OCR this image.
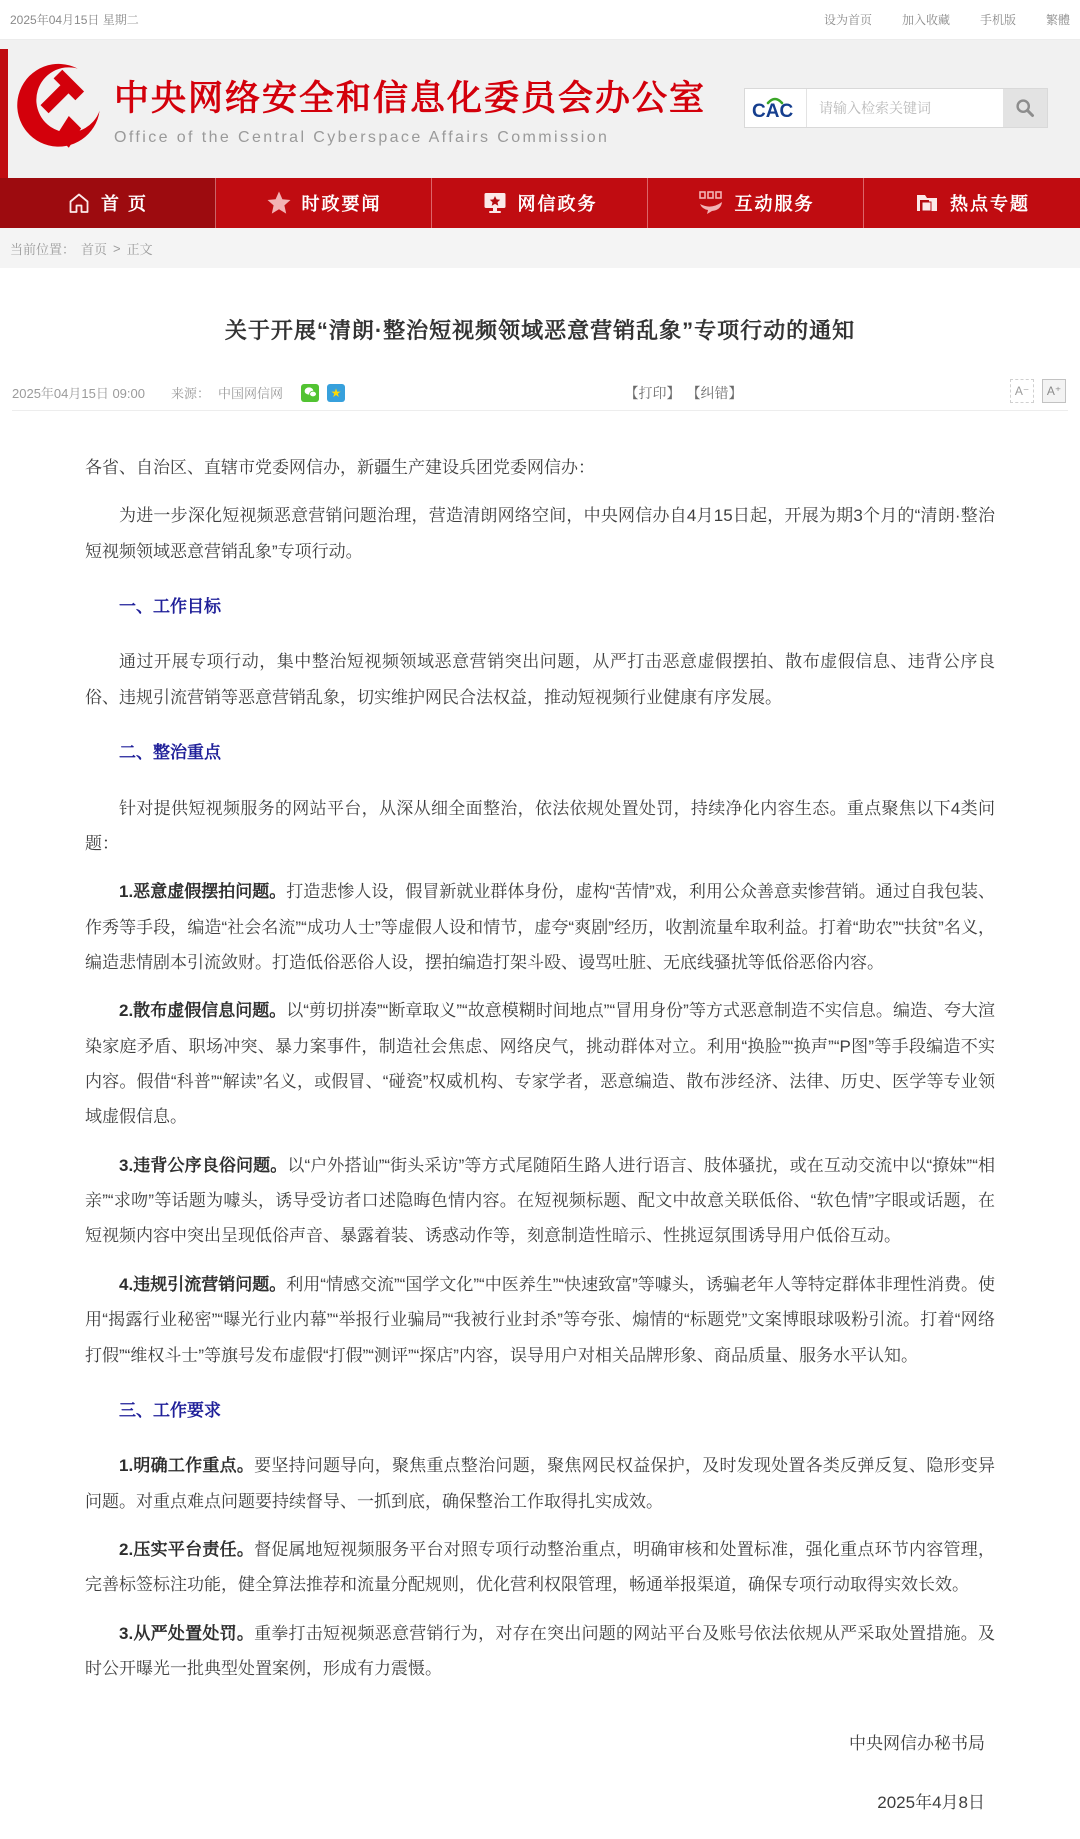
2025年04月15日 星期二	设为首页	加入收藏	手机版	繁體
中央网络安全和信息化委员会办公室
Office of the Central Cyberspace Affairs Commission
CAC
请输入检索关键词
首 页	时政要闻	网信政务	互动服务	热点专题
当前位置： 首页 > 正文
关于开展“清朗·整治短视频领域恶意营销乱象”专项行动的通知
2025年04月15日 09:00 来源： 中国网信网	★	【打印】 【纠错】	A⁻	A⁺

各省、自治区、直辖市党委网信办，新疆生产建设兵团党委网信办：

为进一步深化短视频恶意营销问题治理，营造清朗网络空间，中央网信办自4月15日起，开展为期3个月的“清朗·整治短视频领域恶意营销乱象”专项行动。

一、工作目标

通过开展专项行动，集中整治短视频领域恶意营销突出问题，从严打击恶意虚假摆拍、散布虚假信息、违背公序良俗、违规引流营销等恶意营销乱象，切实维护网民合法权益，推动短视频行业健康有序发展。

二、整治重点

针对提供短视频服务的网站平台，从深从细全面整治，依法依规处置处罚，持续净化内容生态。重点聚焦以下4类问题：

1.恶意虚假摆拍问题。打造悲惨人设，假冒新就业群体身份，虚构“苦情”戏，利用公众善意卖惨营销。通过自我包装、作秀等手段，编造“社会名流”“成功人士”等虚假人设和情节，虚夸“爽剧”经历，收割流量牟取利益。打着“助农”“扶贫”名义，编造悲情剧本引流敛财。打造低俗恶俗人设，摆拍编造打架斗殴、谩骂吐脏、无底线骚扰等低俗恶俗内容。

2.散布虚假信息问题。以“剪切拼凑”“断章取义”“故意模糊时间地点”“冒用身份”等方式恶意制造不实信息。编造、夸大渲染家庭矛盾、职场冲突、暴力案事件，制造社会焦虑、网络戾气，挑动群体对立。利用“换脸”“换声”“P图”等手段编造不实内容。假借“科普”“解读”名义，或假冒、“碰瓷”权威机构、专家学者，恶意编造、散布涉经济、法律、历史、医学等专业领域虚假信息。

3.违背公序良俗问题。以“户外搭讪”“街头采访”等方式尾随陌生路人进行语言、肢体骚扰，或在互动交流中以“撩妹”“相亲”“求吻”等话题为噱头，诱导受访者口述隐晦色情内容。在短视频标题、配文中故意关联低俗、“软色情”字眼或话题，在短视频内容中突出呈现低俗声音、暴露着装、诱惑动作等，刻意制造性暗示、性挑逗氛围诱导用户低俗互动。

4.违规引流营销问题。利用“情感交流”“国学文化”“中医养生”“快速致富”等噱头，诱骗老年人等特定群体非理性消费。使用“揭露行业秘密”“曝光行业内幕”“举报行业骗局”“我被行业封杀”等夸张、煽情的“标题党”文案博眼球吸粉引流。打着“网络打假”“维权斗士”等旗号发布虚假“打假”“测评”“探店”内容，误导用户对相关品牌形象、商品质量、服务水平认知。

三、工作要求

1.明确工作重点。要坚持问题导向，聚焦重点整治问题，聚焦网民权益保护，及时发现处置各类反弹反复、隐形变异问题。对重点难点问题要持续督导、一抓到底，确保整治工作取得扎实成效。

2.压实平台责任。督促属地短视频服务平台对照专项行动整治重点，明确审核和处置标准，强化重点环节内容管理，完善标签标注功能，健全算法推荐和流量分配规则，优化营利权限管理，畅通举报渠道，确保专项行动取得实效长效。

3.从严处置处罚。重拳打击短视频恶意营销行为，对存在突出问题的网站平台及账号依法依规从严采取处置措施。及时公开曝光一批典型处置案例，形成有力震慑。

中央网信办秘书局
2025年4月8日
